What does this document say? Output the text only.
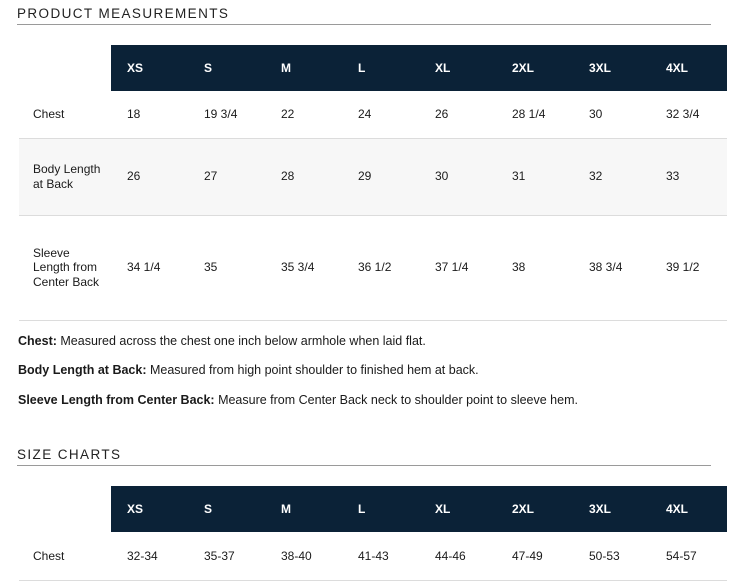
PRODUCT MEASUREMENTS
	XS	S	M	L	XL	2XL	3XL	4XL
Chest	18	19 3/4	22	24	26	28 1/4	30	32 3/4
Body Length at Back	26	27	28	29	30	31	32	33
Sleeve Length from Center Back	34 1/4	35	35 3/4	36 1/2	37 1/4	38	38 3/4	39 1/2
Chest: Measured across the chest one inch below armhole when laid flat.
Body Length at Back: Measured from high point shoulder to finished hem at back.
Sleeve Length from Center Back: Measure from Center Back neck to shoulder point to sleeve hem.
SIZE CHARTS
	XS	S	M	L	XL	2XL	3XL	4XL
Chest	32-34	35-37	38-40	41-43	44-46	47-49	50-53	54-57
